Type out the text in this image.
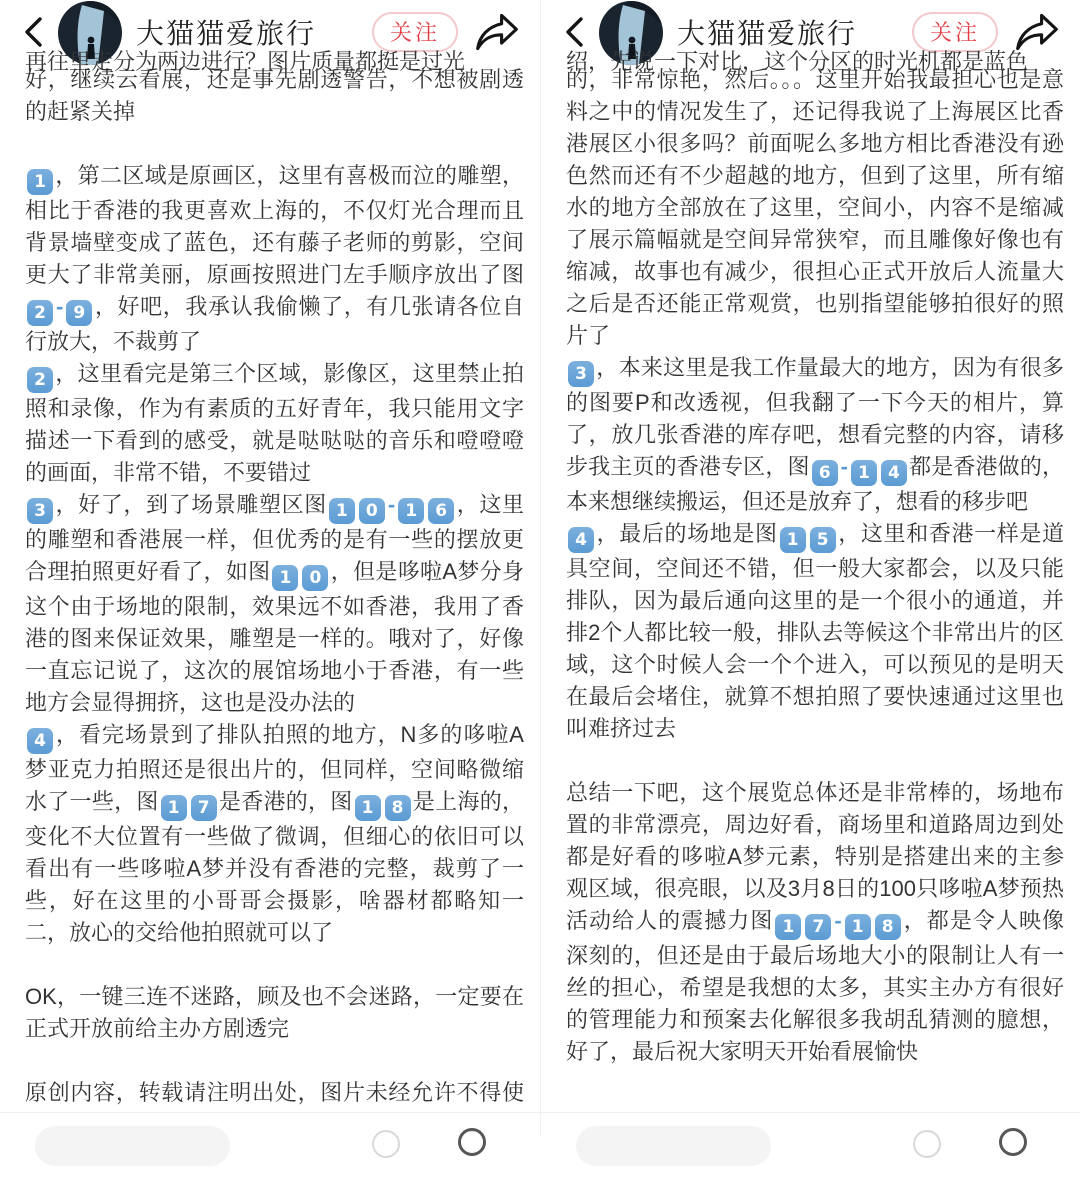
大猫猫爱旅行	关注
再往里走分为两边进行？图片质量都挺是过光

好，继续云看展，还是事先剧透警告，不想被剧透的赶紧关掉

1 ，第二区域是原画区，这里有喜极而泣的雕塑，相比于香港的我更喜欢上海的，不仅灯光合理而且背景墙壁变成了蓝色，还有藤子老师的剪影，空间更大了非常美丽，原画按照进门左手顺序放出了图2 - 9 ，好吧，我承认我偷懒了，有几张请各位自行放大，不裁剪了

2 ，这里看完是第三个区域，影像区，这里禁止拍照和录像，作为有素质的五好青年，我只能用文字描述一下看到的感受，就是哒哒哒的音乐和噔噔噔的画面，非常不错，不要错过

3 ，好了，到了场景雕塑区图 1 0 - 1 6 ，这里的雕塑和香港展一样，但优秀的是有一些的摆放更合理拍照更好看了，如图 1 0 ，但是哆啦A梦分身这个由于场地的限制，效果远不如香港，我用了香港的图来保证效果，雕塑是一样的。哦对了，好像一直忘记说了，这次的展馆场地小于香港，有一些地方会显得拥挤，这也是没办法的

4 ，看完场景到了排队拍照的地方，N多的哆啦A梦亚克力拍照还是很出片的，但同样，空间略微缩水了一些，图 1 7 是香港的，图 1 8 是上海的，变化不大位置有一些做了微调，但细心的依旧可以看出有一些哆啦A梦并没有香港的完整，裁剪了一些，好在这里的小哥哥会摄影，啥器材都略知一二，放心的交给他拍照就可以了

OK，一键三连不迷路，顾及也不会迷路，一定要在正式开放前给主办方剧透完

原创内容，转载请注明出处，图片未经允许不得使

大猫猫爱旅行	关注
绍，先说一下对比，这个分区的时光机都是蓝色

的，非常惊艳，然后。。。这里开始我最担心也是意料之中的情况发生了，还记得我说了上海展区比香港展区小很多吗？前面呢么多地方相比香港没有逊色然而还有不少超越的地方，但到了这里，所有缩水的地方全部放在了这里，空间小，内容不是缩减了展示篇幅就是空间异常狭窄，而且雕像好像也有缩减，故事也有减少，很担心正式开放后人流量大之后是否还能正常观赏，也别指望能够拍很好的照片了

3 ，本来这里是我工作量最大的地方，因为有很多的图要P和改透视，但我翻了一下今天的相片，算了，放几张香港的库存吧，想看完整的内容，请移步我主页的香港专区，图 6 - 1 4 都是香港做的，本来想继续搬运，但还是放弃了，想看的移步吧

4 ，最后的场地是图 1 5 ，这里和香港一样是道具空间，空间还不错，但一般大家都会，以及只能排队，因为最后通向这里的是一个很小的通道，并排2个人都比较一般，排队去等候这个非常出片的区域，这个时候人会一个个进入，可以预见的是明天在最后会堵住，就算不想拍照了要快速通过这里也叫难挤过去

总结一下吧，这个展览总体还是非常棒的，场地布置的非常漂亮，周边好看，商场里和道路周边到处都是好看的哆啦A梦元素，特别是搭建出来的主参观区域，很亮眼，以及3月8日的100只哆啦A梦预热活动给人的震撼力图 1 7 - 1 8 ，都是令人映像深刻的，但还是由于最后场地大小的限制让人有一丝的担心，希望是我想的太多，其实主办方有很好的管理能力和预案去化解很多我胡乱猜测的臆想，好了，最后祝大家明天开始看展愉快
